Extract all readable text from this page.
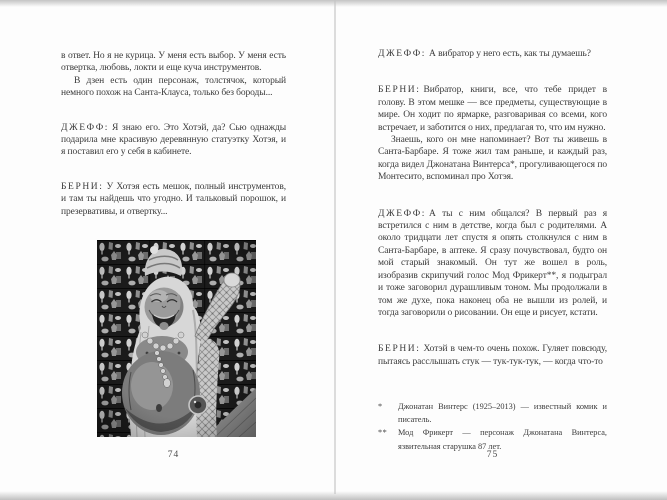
в ответ. Но я не курица. У меня есть выбор. У меня есть отвертка, любовь, локти и еще куча инструментов.

В дзен есть один персонаж, толстячок, который немного похож на Санта-Клауса, только без бороды...

ДЖЕФФ: Я знаю его. Это Хотэй, да? Сью однажды подарила мне красивую деревянную статуэтку Хотэя, и я поставил его у себя в кабинете.

БЕРНИ: У Хотэя есть мешок, полный инструментов, и там ты найдешь что угодно. И тальковый порошок, и презервативы, и отвертку...

74

ДЖЕФФ: А вибратор у него есть, как ты думаешь?

БЕРНИ: Вибратор, книги, все, что тебе придет в голову. В этом мешке — все предметы, существующие в мире. Он ходит по ярмарке, разговаривая со всеми, кого встречает, и заботится о них, предлагая то, что им нужно.

Знаешь, кого он мне напоминает? Вот ты живешь в Санта-Барбаре. Я тоже жил там раньше, и каждый раз, когда видел Джонатана Винтерса*, прогуливающегося по Монтесито, вспоминал про Хотэя.

ДЖЕФФ: А ты с ним общался? В первый раз я встретился с ним в детстве, когда был с родителями. А около тридцати лет спустя я опять столкнулся с ним в Санта-Барбаре, в аптеке. Я сразу почувствовал, будто он мой старый знакомый. Он тут же вошел в роль, изобразив скрипучий голос Мод Фрикерт**, я подыграл и тоже заговорил дурашливым тоном. Мы продолжали в том же духе, пока наконец оба не вышли из ролей, и тогда заговорили о рисовании. Он еще и рисует, кстати.

БЕРНИ: Хотэй в чем-то очень похож. Гуляет повсюду, пытаясь расслышать стук — тук-тук-тук, — когда что-то

*	Джонатан Винтерс (1925–2013) — известный комик и писатель.
**	Мод Фрикерт — персонаж Джонатана Винтерса, язвительная старушка 87 лет.
75
